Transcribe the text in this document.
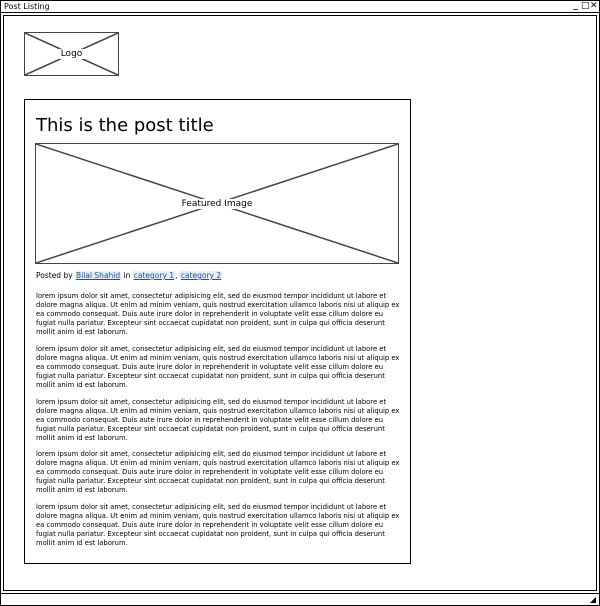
Post Listing	_ □ ✕
Logo
This is the post title
Featured Image
Posted by Bilal Shahid in category 1, category 2

lorem ipsum dolor sit amet, consectetur adipisicing elit, sed do eiusmod tempor incididunt ut labore et dolore magna aliqua. Ut enim ad minim veniam, quis nostrud exercitation ullamco laboris nisi ut aliquip ex ea commodo consequat. Duis aute irure dolor in reprehenderit in voluptate velit esse cillum dolore eu fugiat nulla pariatur. Excepteur sint occaecat cupidatat non proident, sunt in culpa qui officia deserunt mollit anim id est laborum.

lorem ipsum dolor sit amet, consectetur adipisicing elit, sed do eiusmod tempor incididunt ut labore et dolore magna aliqua. Ut enim ad minim veniam, quis nostrud exercitation ullamco laboris nisi ut aliquip ex ea commodo consequat. Duis aute irure dolor in reprehenderit in voluptate velit esse cillum dolore eu fugiat nulla pariatur. Excepteur sint occaecat cupidatat non proident, sunt in culpa qui officia deserunt mollit anim id est laborum.

lorem ipsum dolor sit amet, consectetur adipisicing elit, sed do eiusmod tempor incididunt ut labore et dolore magna aliqua. Ut enim ad minim veniam, quis nostrud exercitation ullamco laboris nisi ut aliquip ex ea commodo consequat. Duis aute irure dolor in reprehenderit in voluptate velit esse cillum dolore eu fugiat nulla pariatur. Excepteur sint occaecat cupidatat non proident, sunt in culpa qui officia deserunt mollit anim id est laborum.

lorem ipsum dolor sit amet, consectetur adipisicing elit, sed do eiusmod tempor incididunt ut labore et dolore magna aliqua. Ut enim ad minim veniam, quis nostrud exercitation ullamco laboris nisi ut aliquip ex ea commodo consequat. Duis aute irure dolor in reprehenderit in voluptate velit esse cillum dolore eu fugiat nulla pariatur. Excepteur sint occaecat cupidatat non proident, sunt in culpa qui officia deserunt mollit anim id est laborum.

lorem ipsum dolor sit amet, consectetur adipisicing elit, sed do eiusmod tempor incididunt ut labore et dolore magna aliqua. Ut enim ad minim veniam, quis nostrud exercitation ullamco laboris nisi ut aliquip ex ea commodo consequat. Duis aute irure dolor in reprehenderit in voluptate velit esse cillum dolore eu fugiat nulla pariatur. Excepteur sint occaecat cupidatat non proident, sunt in culpa qui officia deserunt mollit anim id est laborum.

◢
